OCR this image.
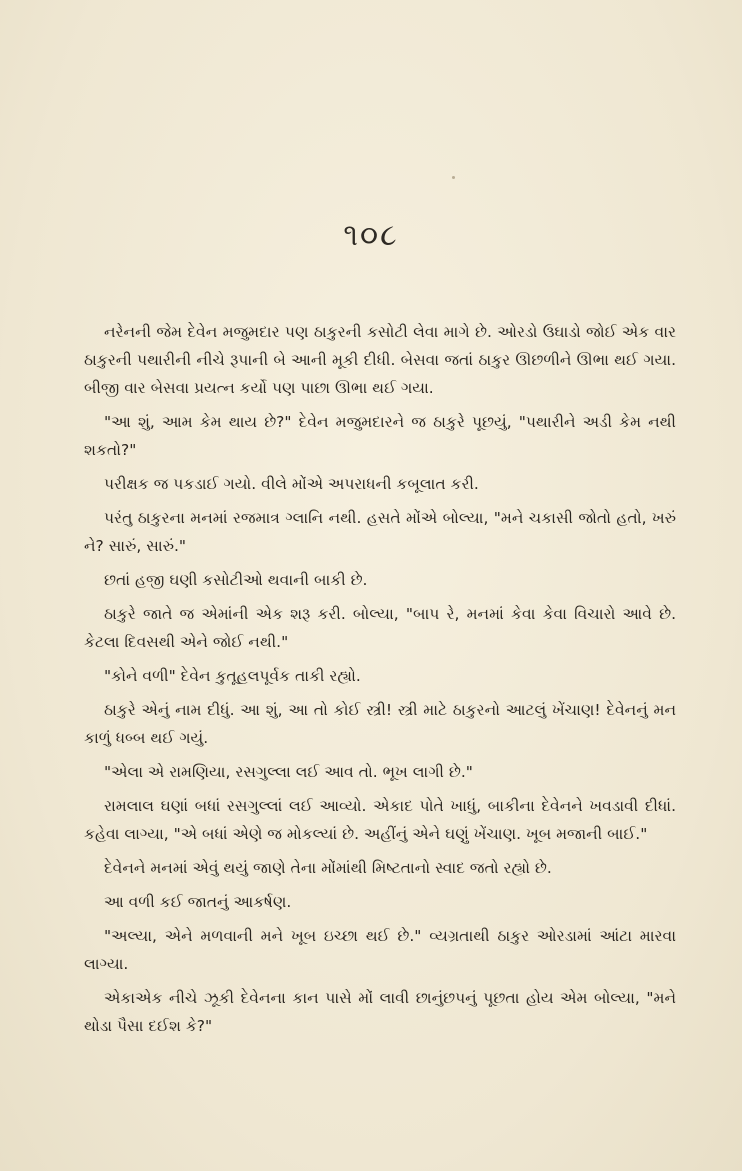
૧૦૮

નરેનની જેમ દેવેન મજુમદાર પણ ઠાકુરની કસોટી લેવા માગે છે. ઓરડો ઉઘાડો જોઈ એક વાર ઠાકુરની પથારીની નીચે રૂપાની બે આની મૂકી દીધી. બેસવા જતાં ઠાકુર ઊછળીને ઊભા થઈ ગયા. બીજી વાર બેસવા પ્રયત્ન કર્યો પણ પાછા ઊભા થઈ ગયા.

"આ શું, આમ કેમ થાય છે?" દેવેન મજુમદારને જ ઠાકુરે પૂછયું, "પથારીને અડી કેમ નથી શકતો?"

પરીક્ષક જ પકડાઈ ગયો. વીલે મોંએ અપરાધની કબૂલાત કરી.

પરંતુ ઠાકુરના મનમાં રજમાત્ર ગ્લાનિ નથી. હસતે મોંએ બોલ્યા, "મને ચકાસી જોતો હતો, ખરું ને? સારું, સારું."

છતાં હજી ઘણી કસોટીઓ થવાની બાકી છે.

ઠાકુરે જાતે જ એમાંની એક શરૂ કરી. બોલ્યા, "બાપ રે, મનમાં કેવા કેવા વિચારો આવે છે. કેટલા દિવસથી એને જોઈ નથી."

"કોને વળી" દેવેન કુતૂહલપૂર્વક તાકી રહ્યો.

ઠાકુરે એનું નામ દીધું. આ શું, આ તો કોઈ સ્ત્રી! સ્ત્રી માટે ઠાકુરનો આટલું ખેંચાણ! દેવેનનું મન કાળું ધબ્બ થઈ ગયું.

"એલા એ રામણિયા, રસગુલ્લા લઈ આવ તો. ભૂખ લાગી છે."

રામલાલ ઘણાં બધાં રસગુલ્લાં લઈ આવ્યો. એકાદ પોતે ખાધું, બાકીના દેવેનને ખવડાવી દીધાં. કહેવા લાગ્યા, "એ બધાં એણે જ મોકલ્યાં છે. અહીંનું એને ઘણું ખેંચાણ. ખૂબ મજાની બાઈ."

દેવેનને મનમાં એવું થયું જાણે તેના મોંમાંથી મિષ્ટતાનો સ્વાદ જતો રહ્યો છે.

આ વળી કઈ જાતનું આકર્ષણ.

"અલ્યા, એને મળવાની મને ખૂબ ઇચ્છા થઈ છે." વ્યગ્રતાથી ઠાકુર ઓરડામાં આંટા મારવા લાગ્યા.

એકાએક નીચે ઝૂકી દેવેનના કાન પાસે મોં લાવી છાનુંછપનું પૂછતા હોય એમ બોલ્યા, "મને થોડા પૈસા દઈશ કે?"
